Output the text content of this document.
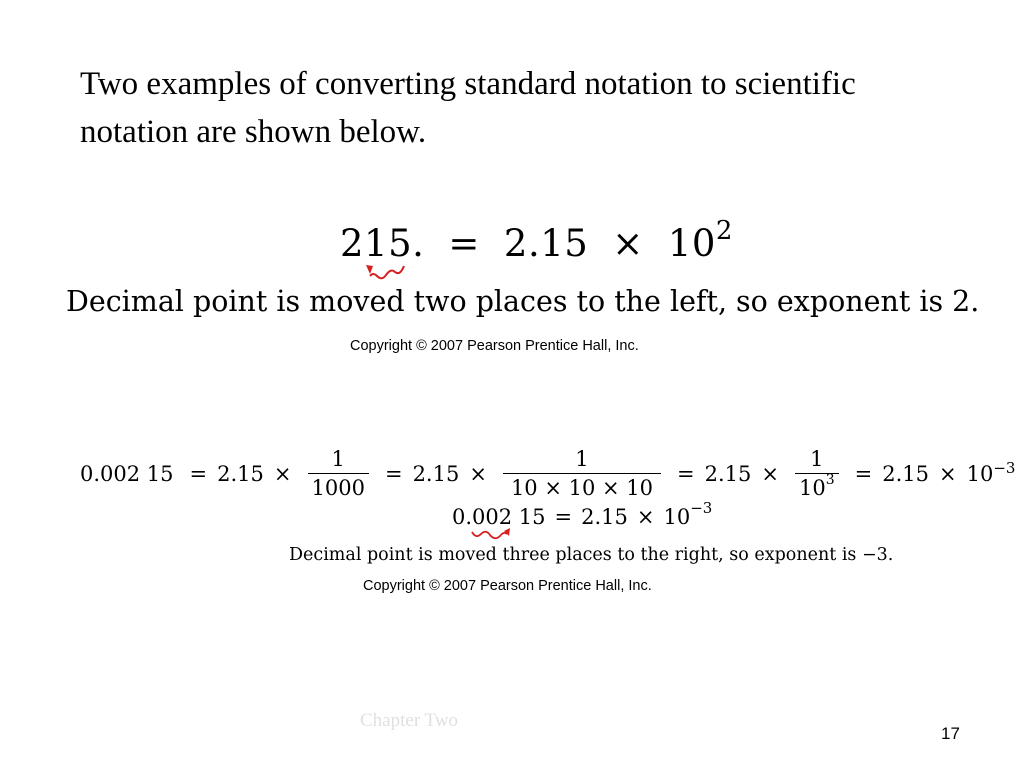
Two examples of converting standard notation to scientific notation are shown below.

215. = $2.15 \times 10^2$
Decimal point is moved two places to the left, so exponent is 2.
Copyright © 2007 Pearson Prentice Hall, Inc.
0.002 $15 = 2.15 \times \frac{1}{1000} = 2.15 \times \frac{1}{10 \times 10 \times 10} = 2.15 \times \frac{1}{10^3} = 2.15 \times 10^{-3}$
0.002 $15 = 2.15 \times 10^{-3}$
Decimal point is moved three places to the right, so exponent is −3.
Copyright © 2007 Pearson Prentice Hall, Inc.
Chapter Two
17
